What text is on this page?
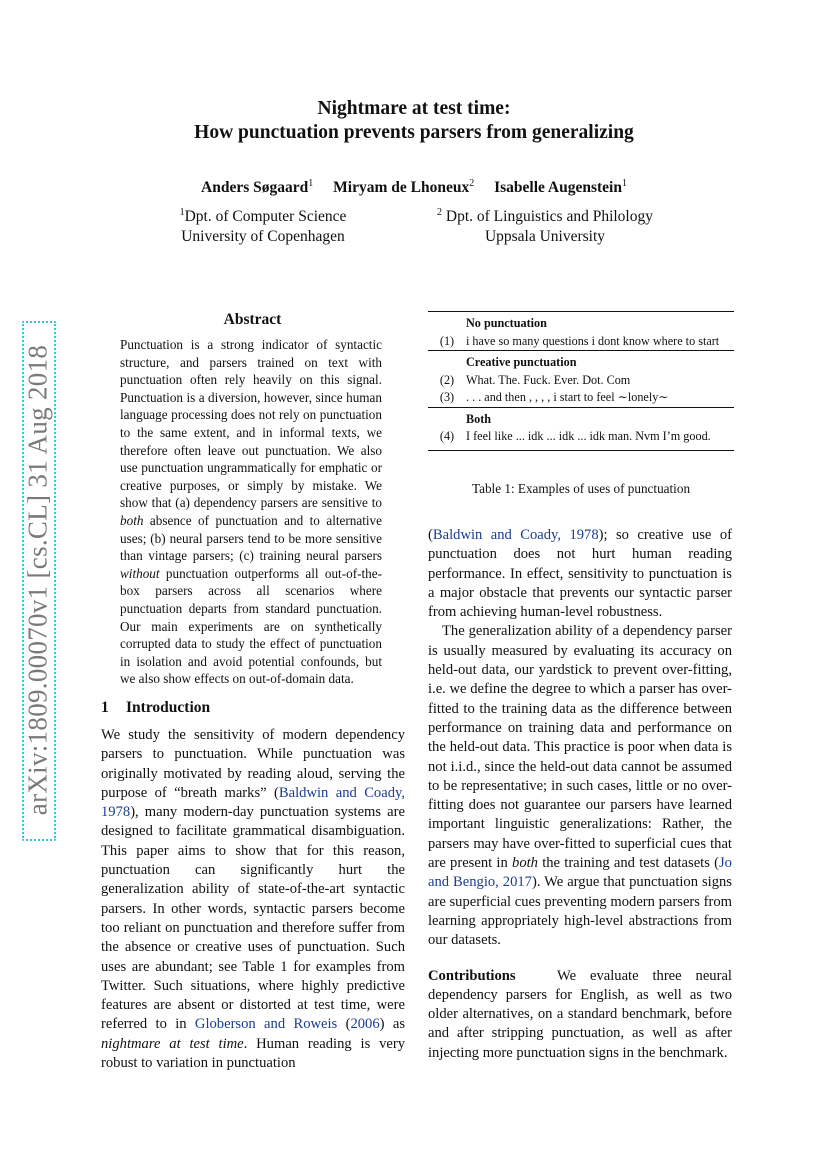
arXiv:1809.00070v1 [cs.CL] 31 Aug 2018
Nightmare at test time:
How punctuation prevents parsers from generalizing
Anders Søgaard$^1$ Miryam de Lhoneux$^2$ Isabelle Augenstein$^1$
$^1$Dpt. of Computer Science
University of Copenhagen
$^2$ Dpt. of Linguistics and Philology
Uppsala University
Abstract
Punctuation is a strong indicator of syntactic structure, and parsers trained on text with punctuation often rely heavily on this signal. Punctuation is a diversion, however, since human language processing does not rely on punctuation to the same extent, and in informal texts, we therefore often leave out punctuation. We also use punctuation ungrammatically for emphatic or creative purposes, or simply by mistake. We show that (a) dependency parsers are sensitive to both absence of punctuation and to alternative uses; (b) neural parsers tend to be more sensitive than vintage parsers; (c) training neural parsers without punctuation outperforms all out-of-the-box parsers across all scenarios where punctuation departs from standard punctuation. Our main experiments are on synthetically corrupted data to study the effect of punctuation in isolation and avoid potential confounds, but we also show effects on out-of-domain data.
1 Introduction

We study the sensitivity of modern dependency parsers to punctuation. While punctuation was originally motivated by reading aloud, serving the purpose of “breath marks” (Baldwin and Coady, 1978), many modern-day punctuation systems are designed to facilitate grammatical disambiguation. This paper aims to show that for this reason, punctuation can significantly hurt the generalization ability of state-of-the-art syntactic parsers. In other words, syntactic parsers become too reliant on punctuation and therefore suffer from the absence or creative uses of punctuation. Such uses are abundant; see Table 1 for examples from Twitter. Such situations, where highly predictive features are absent or distorted at test time, were referred to in Globerson and Roweis (2006) as nightmare at test time. Human reading is very robust to variation in punctuation

	No punctuation
(1)	i have so many questions i dont know where to start
	Creative punctuation
(2)	What. The. Fuck. Ever. Dot. Com
(3)	. . . and then , , , , i start to feel ∼lonely∼
	Both
(4)	I feel like ... idk ... idk ... idk man. Nvm I’m good.
Table 1: Examples of uses of punctuation

(Baldwin and Coady, 1978); so creative use of punctuation does not hurt human reading performance. In effect, sensitivity to punctuation is a major obstacle that prevents our syntactic parser from achieving human-level robustness.

The generalization ability of a dependency parser is usually measured by evaluating its accuracy on held-out data, our yardstick to prevent over-fitting, i.e. we define the degree to which a parser has over-fitted to the training data as the difference between performance on training data and performance on the held-out data. This practice is poor when data is not i.i.d., since the held-out data cannot be assumed to be representative; in such cases, little or no over-fitting does not guarantee our parsers have learned important linguistic generalizations: Rather, the parsers may have over-fitted to superficial cues that are present in both the training and test datasets (Jo and Bengio, 2017). We argue that punctuation signs are superficial cues preventing modern parsers from learning appropriately high-level abstractions from our datasets.

Contributions	We evaluate three neural dependency parsers for English, as well as two older alternatives, on a standard benchmark, before and after stripping punctuation, as well as after injecting more punctuation signs in the benchmark.
